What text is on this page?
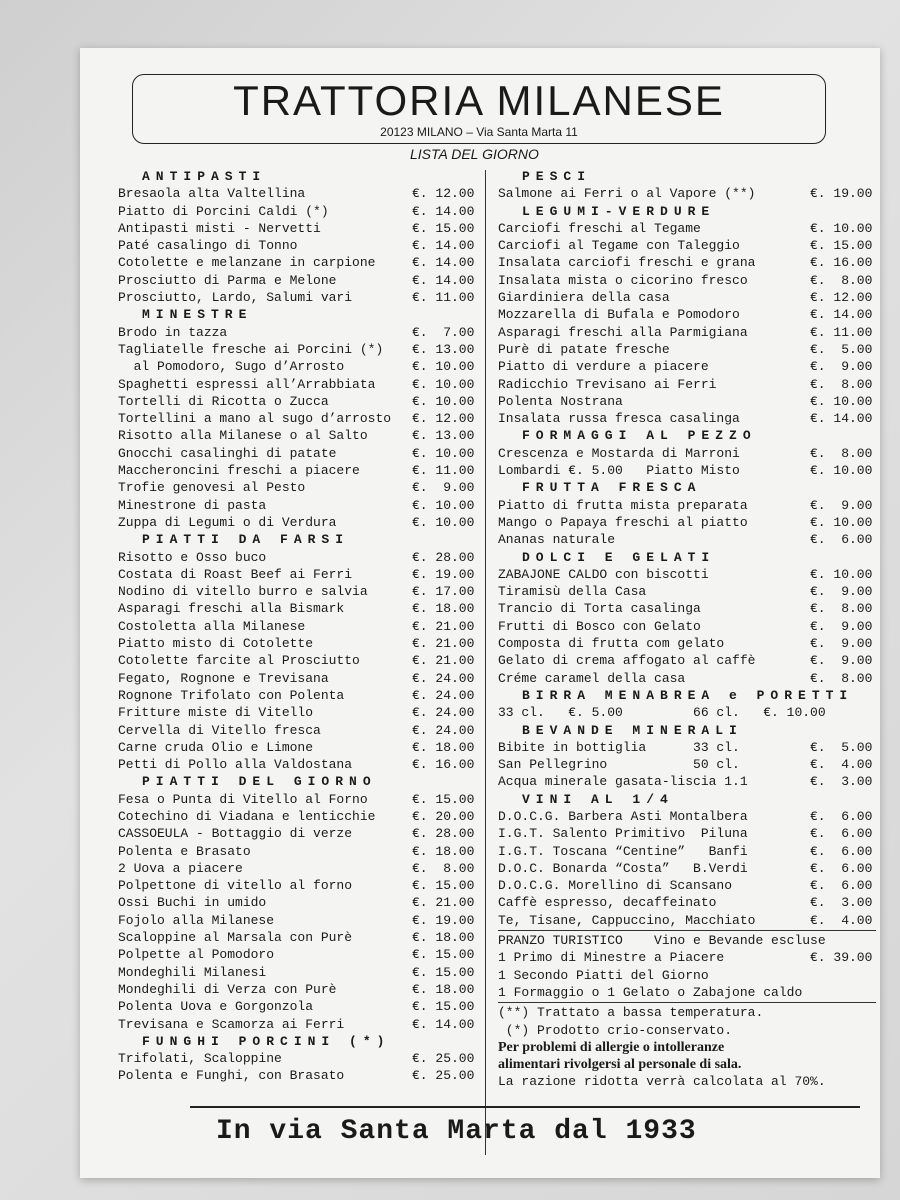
TRATTORIA MILANESE
20123 MILANO – Via Santa Marta 11
LISTA DEL GIORNO
ANTIPASTI
Bresaola alta Valtellina	€. 12.00
Piatto di Porcini Caldi (*)	€. 14.00
Antipasti misti - Nervetti	€. 15.00
Paté casalingo di Tonno	€. 14.00
Cotolette e melanzane in carpione	€. 14.00
Prosciutto di Parma e Melone	€. 14.00
Prosciutto, Lardo, Salumi vari	€. 11.00
MINESTRE
Brodo in tazza	€.  7.00
Tagliatelle fresche ai Porcini (*) €. 13.00
al Pomodoro, Sugo d’Arrosto	€. 10.00
Spaghetti espressi all’Arrabbiata	€. 10.00
Tortelli di Ricotta o Zucca	€. 10.00
Tortellini a mano al sugo d’arrosto €. 12.00
Risotto alla Milanese o al Salto	€. 13.00
Gnocchi casalinghi di patate	€. 10.00
Maccheroncini freschi a piacere	€. 11.00
Trofie genovesi al Pesto	€.  9.00
Minestrone di pasta	€. 10.00
Zuppa di Legumi o di Verdura	€. 10.00
PIATTI DA FARSI
Risotto e Osso buco	€. 28.00
Costata di Roast Beef ai Ferri	€. 19.00
Nodino di vitello burro e salvia	€. 17.00
Asparagi freschi alla Bismark	€. 18.00
Costoletta alla Milanese	€. 21.00
Piatto misto di Cotolette	€. 21.00
Cotolette farcite al Prosciutto	€. 21.00
Fegato, Rognone e Trevisana	€. 24.00
Rognone Trifolato con Polenta	€. 24.00
Fritture miste di Vitello	€. 24.00
Cervella di Vitello fresca	€. 24.00
Carne cruda Olio e Limone	€. 18.00
Petti di Pollo alla Valdostana	€. 16.00
PIATTI DEL GIORNO
Fesa o Punta di Vitello al Forno	€. 15.00
Cotechino di Viadana e lenticchie	€. 20.00
CASSOEULA - Bottaggio di verze	€. 28.00
Polenta e Brasato	€. 18.00
2 Uova a piacere	€.  8.00
Polpettone di vitello al forno	€. 15.00
Ossi Buchi in umido	€. 21.00
Fojolo alla Milanese	€. 19.00
Scaloppine al Marsala con Purè	€. 18.00
Polpette al Pomodoro	€. 15.00
Mondeghili Milanesi	€. 15.00
Mondeghili di Verza con Purè	€. 18.00
Polenta Uova e Gorgonzola	€. 15.00
Trevisana e Scamorza ai Ferri	€. 14.00
FUNGHI PORCINI (*)
Trifolati, Scaloppine	€. 25.00
Polenta e Funghi, con Brasato	€. 25.00
PESCI
Salmone ai Ferri o al Vapore (**)	€. 19.00
LEGUMI-VERDURE
Carciofi freschi al Tegame	€. 10.00
Carciofi al Tegame con Taleggio	€. 15.00
Insalata carciofi freschi e grana	€. 16.00
Insalata mista o cicorino fresco	€.  8.00
Giardiniera della casa	€. 12.00
Mozzarella di Bufala e Pomodoro	€. 14.00
Asparagi freschi alla Parmigiana	€. 11.00
Purè di patate fresche	€.  5.00
Piatto di verdure a piacere	€.  9.00
Radicchio Trevisano ai Ferri	€.  8.00
Polenta Nostrana	€. 10.00
Insalata russa fresca casalinga	€. 14.00
FORMAGGI AL PEZZO
Crescenza e Mostarda di Marroni	€.  8.00
Lombardi €. 5.00   Piatto Misto	€. 10.00
FRUTTA FRESCA
Piatto di frutta mista preparata	€.  9.00
Mango o Papaya freschi al piatto	€. 10.00
Ananas naturale	€.  6.00
DOLCI E GELATI
ZABAJONE CALDO con biscotti	€. 10.00
Tiramisù della Casa	€.  9.00
Trancio di Torta casalinga	€.  8.00
Frutti di Bosco con Gelato	€.  9.00
Composta di frutta com gelato	€.  9.00
Gelato di crema affogato al caffè	€.  9.00
Créme caramel della casa	€.  8.00
BIRRA MENABREA e PORETTI
33 cl.   €. 5.00         66 cl.   €. 10.00
BEVANDE MINERALI
Bibite in bottiglia      33 cl.	€.  5.00
San Pellegrino           50 cl.	€.  4.00
Acqua minerale gasata-liscia 1.1	€.  3.00
VINI AL 1/4
D.O.C.G. Barbera Asti Montalbera	€.  6.00
I.G.T. Salento Primitivo  Piluna	€.  6.00
I.G.T. Toscana “Centine”   Banfi	€.  6.00
D.O.C. Bonarda “Costa”   B.Verdi	€.  6.00
D.O.C.G. Morellino di Scansano	€.  6.00
Caffè espresso, decaffeinato	€.  3.00
Te, Tisane, Cappuccino, Macchiato	€.  4.00
PRANZO TURISTICO    Vino e Bevande escluse
1 Primo di Minestre a Piacere	€. 39.00
1 Secondo Piatti del Giorno
1 Formaggio o 1 Gelato o Zabajone caldo
(**) Trattato a bassa temperatura.
(*) Prodotto crio-conservato.
Per problemi di allergie o intolleranze
alimentari rivolgersi al personale di sala.
La razione ridotta verrà calcolata al 70%.
In via Santa Marta dal 1933
